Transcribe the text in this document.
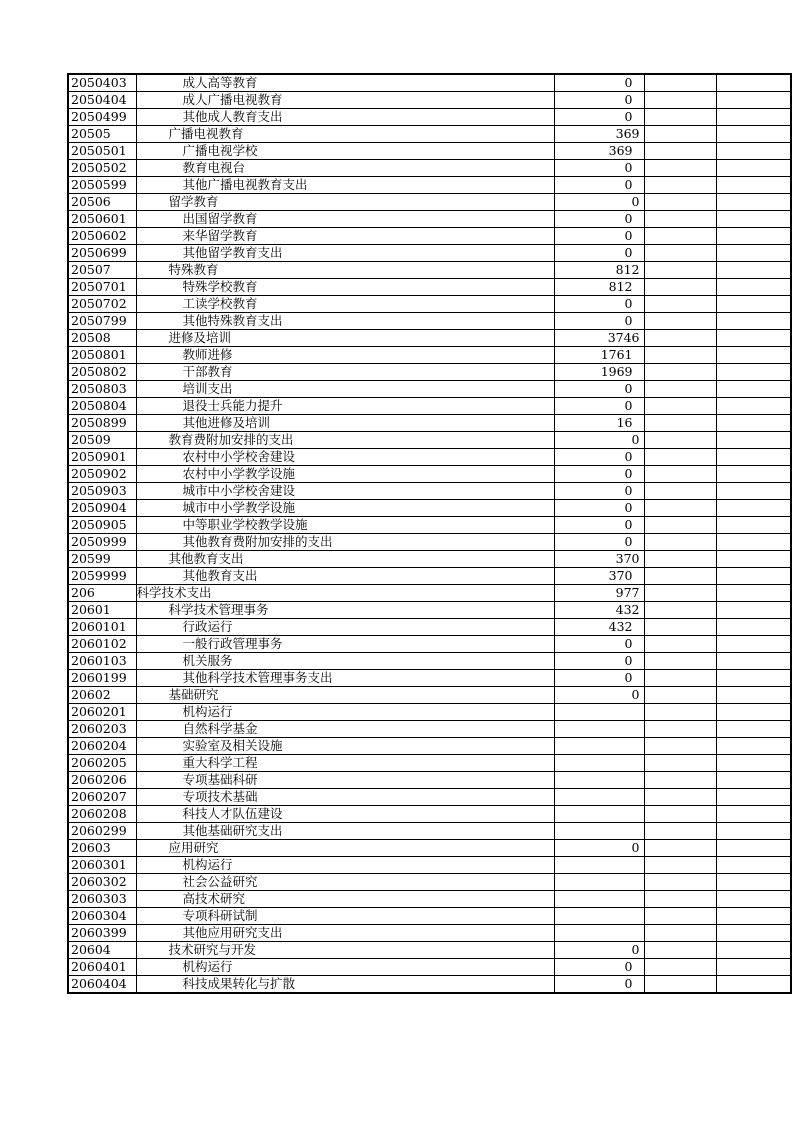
2050403	成人高等教育	0		
2050404	成人广播电视教育	0		
2050499	其他成人教育支出	0		
20505	广播电视教育	369		
2050501	广播电视学校	369		
2050502	教育电视台	0		
2050599	其他广播电视教育支出	0		
20506	留学教育	0		
2050601	出国留学教育	0		
2050602	来华留学教育	0		
2050699	其他留学教育支出	0		
20507	特殊教育	812		
2050701	特殊学校教育	812		
2050702	工读学校教育	0		
2050799	其他特殊教育支出	0		
20508	进修及培训	3746		
2050801	教师进修	1761		
2050802	干部教育	1969		
2050803	培训支出	0		
2050804	退役士兵能力提升	0		
2050899	其他进修及培训	16		
20509	教育费附加安排的支出	0		
2050901	农村中小学校舍建设	0		
2050902	农村中小学教学设施	0		
2050903	城市中小学校舍建设	0		
2050904	城市中小学教学设施	0		
2050905	中等职业学校教学设施	0		
2050999	其他教育费附加安排的支出	0		
20599	其他教育支出	370		
2059999	其他教育支出	370		
206	科学技术支出	977		
20601	科学技术管理事务	432		
2060101	行政运行	432		
2060102	一般行政管理事务	0		
2060103	机关服务	0		
2060199	其他科学技术管理事务支出	0		
20602	基础研究	0		
2060201	机构运行			
2060203	自然科学基金			
2060204	实验室及相关设施			
2060205	重大科学工程			
2060206	专项基础科研			
2060207	专项技术基础			
2060208	科技人才队伍建设			
2060299	其他基础研究支出			
20603	应用研究	0		
2060301	机构运行			
2060302	社会公益研究			
2060303	高技术研究			
2060304	专项科研试制			
2060399	其他应用研究支出			
20604	技术研究与开发	0		
2060401	机构运行	0		
2060404	科技成果转化与扩散	0		
